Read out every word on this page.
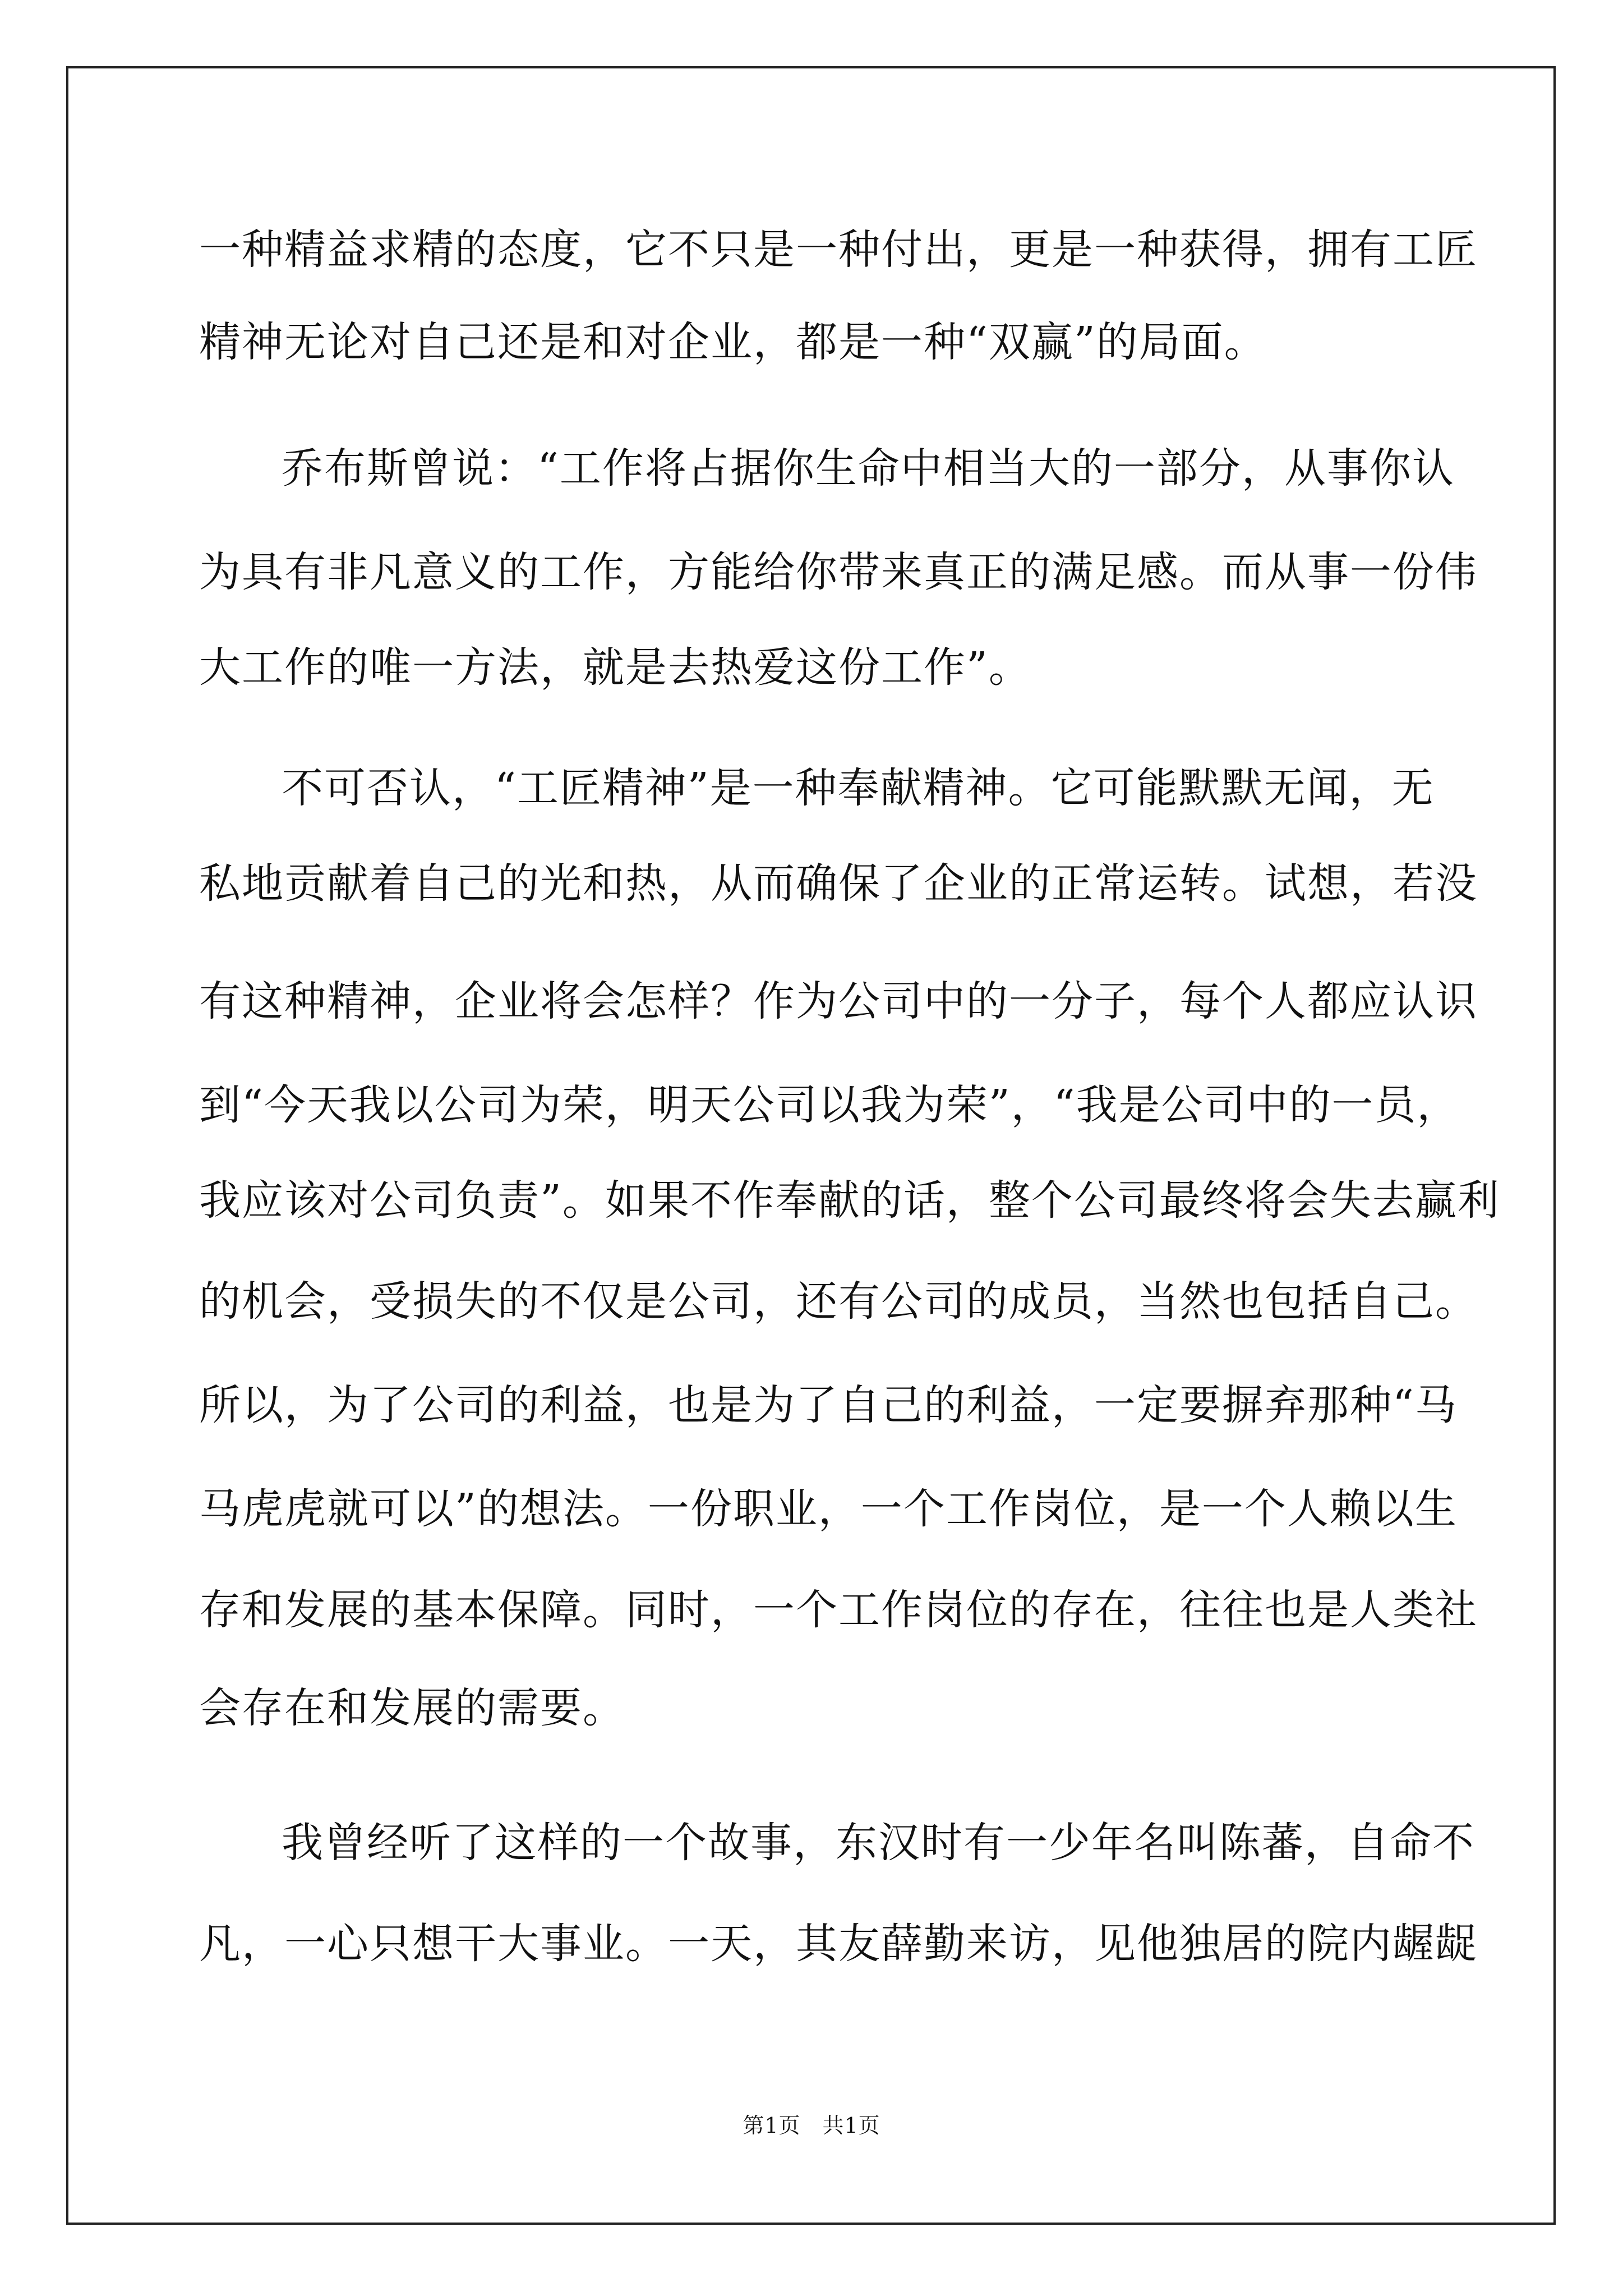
一种精益求精的态度，它不只是一种付出，更是一种获得，拥有工匠
精神无论对自己还是和对企业，都是一种“双赢”的局面。
乔布斯曾说：“工作将占据你生命中相当大的一部分，从事你认
为具有非凡意义的工作，方能给你带来真正的满足感。而从事一份伟
大工作的唯一方法，就是去热爱这份工作”。
不可否认，“工匠精神”是一种奉献精神。它可能默默无闻，无
私地贡献着自己的光和热，从而确保了企业的正常运转。试想，若没
有这种精神，企业将会怎样？作为公司中的一分子，每个人都应认识
到“今天我以公司为荣，明天公司以我为荣”，“我是公司中的一员，
我应该对公司负责”。如果不作奉献的话，整个公司最终将会失去赢利
的机会，受损失的不仅是公司，还有公司的成员，当然也包括自己。
所以，为了公司的利益，也是为了自己的利益，一定要摒弃那种“马
马虎虎就可以”的想法。一份职业，一个工作岗位，是一个人赖以生
存和发展的基本保障。同时，一个工作岗位的存在，往往也是人类社
会存在和发展的需要。
我曾经听了这样的一个故事，东汉时有一少年名叫陈蕃，自命不
凡，一心只想干大事业。一天，其友薛勤来访，见他独居的院内龌龊
第1页　共1页
